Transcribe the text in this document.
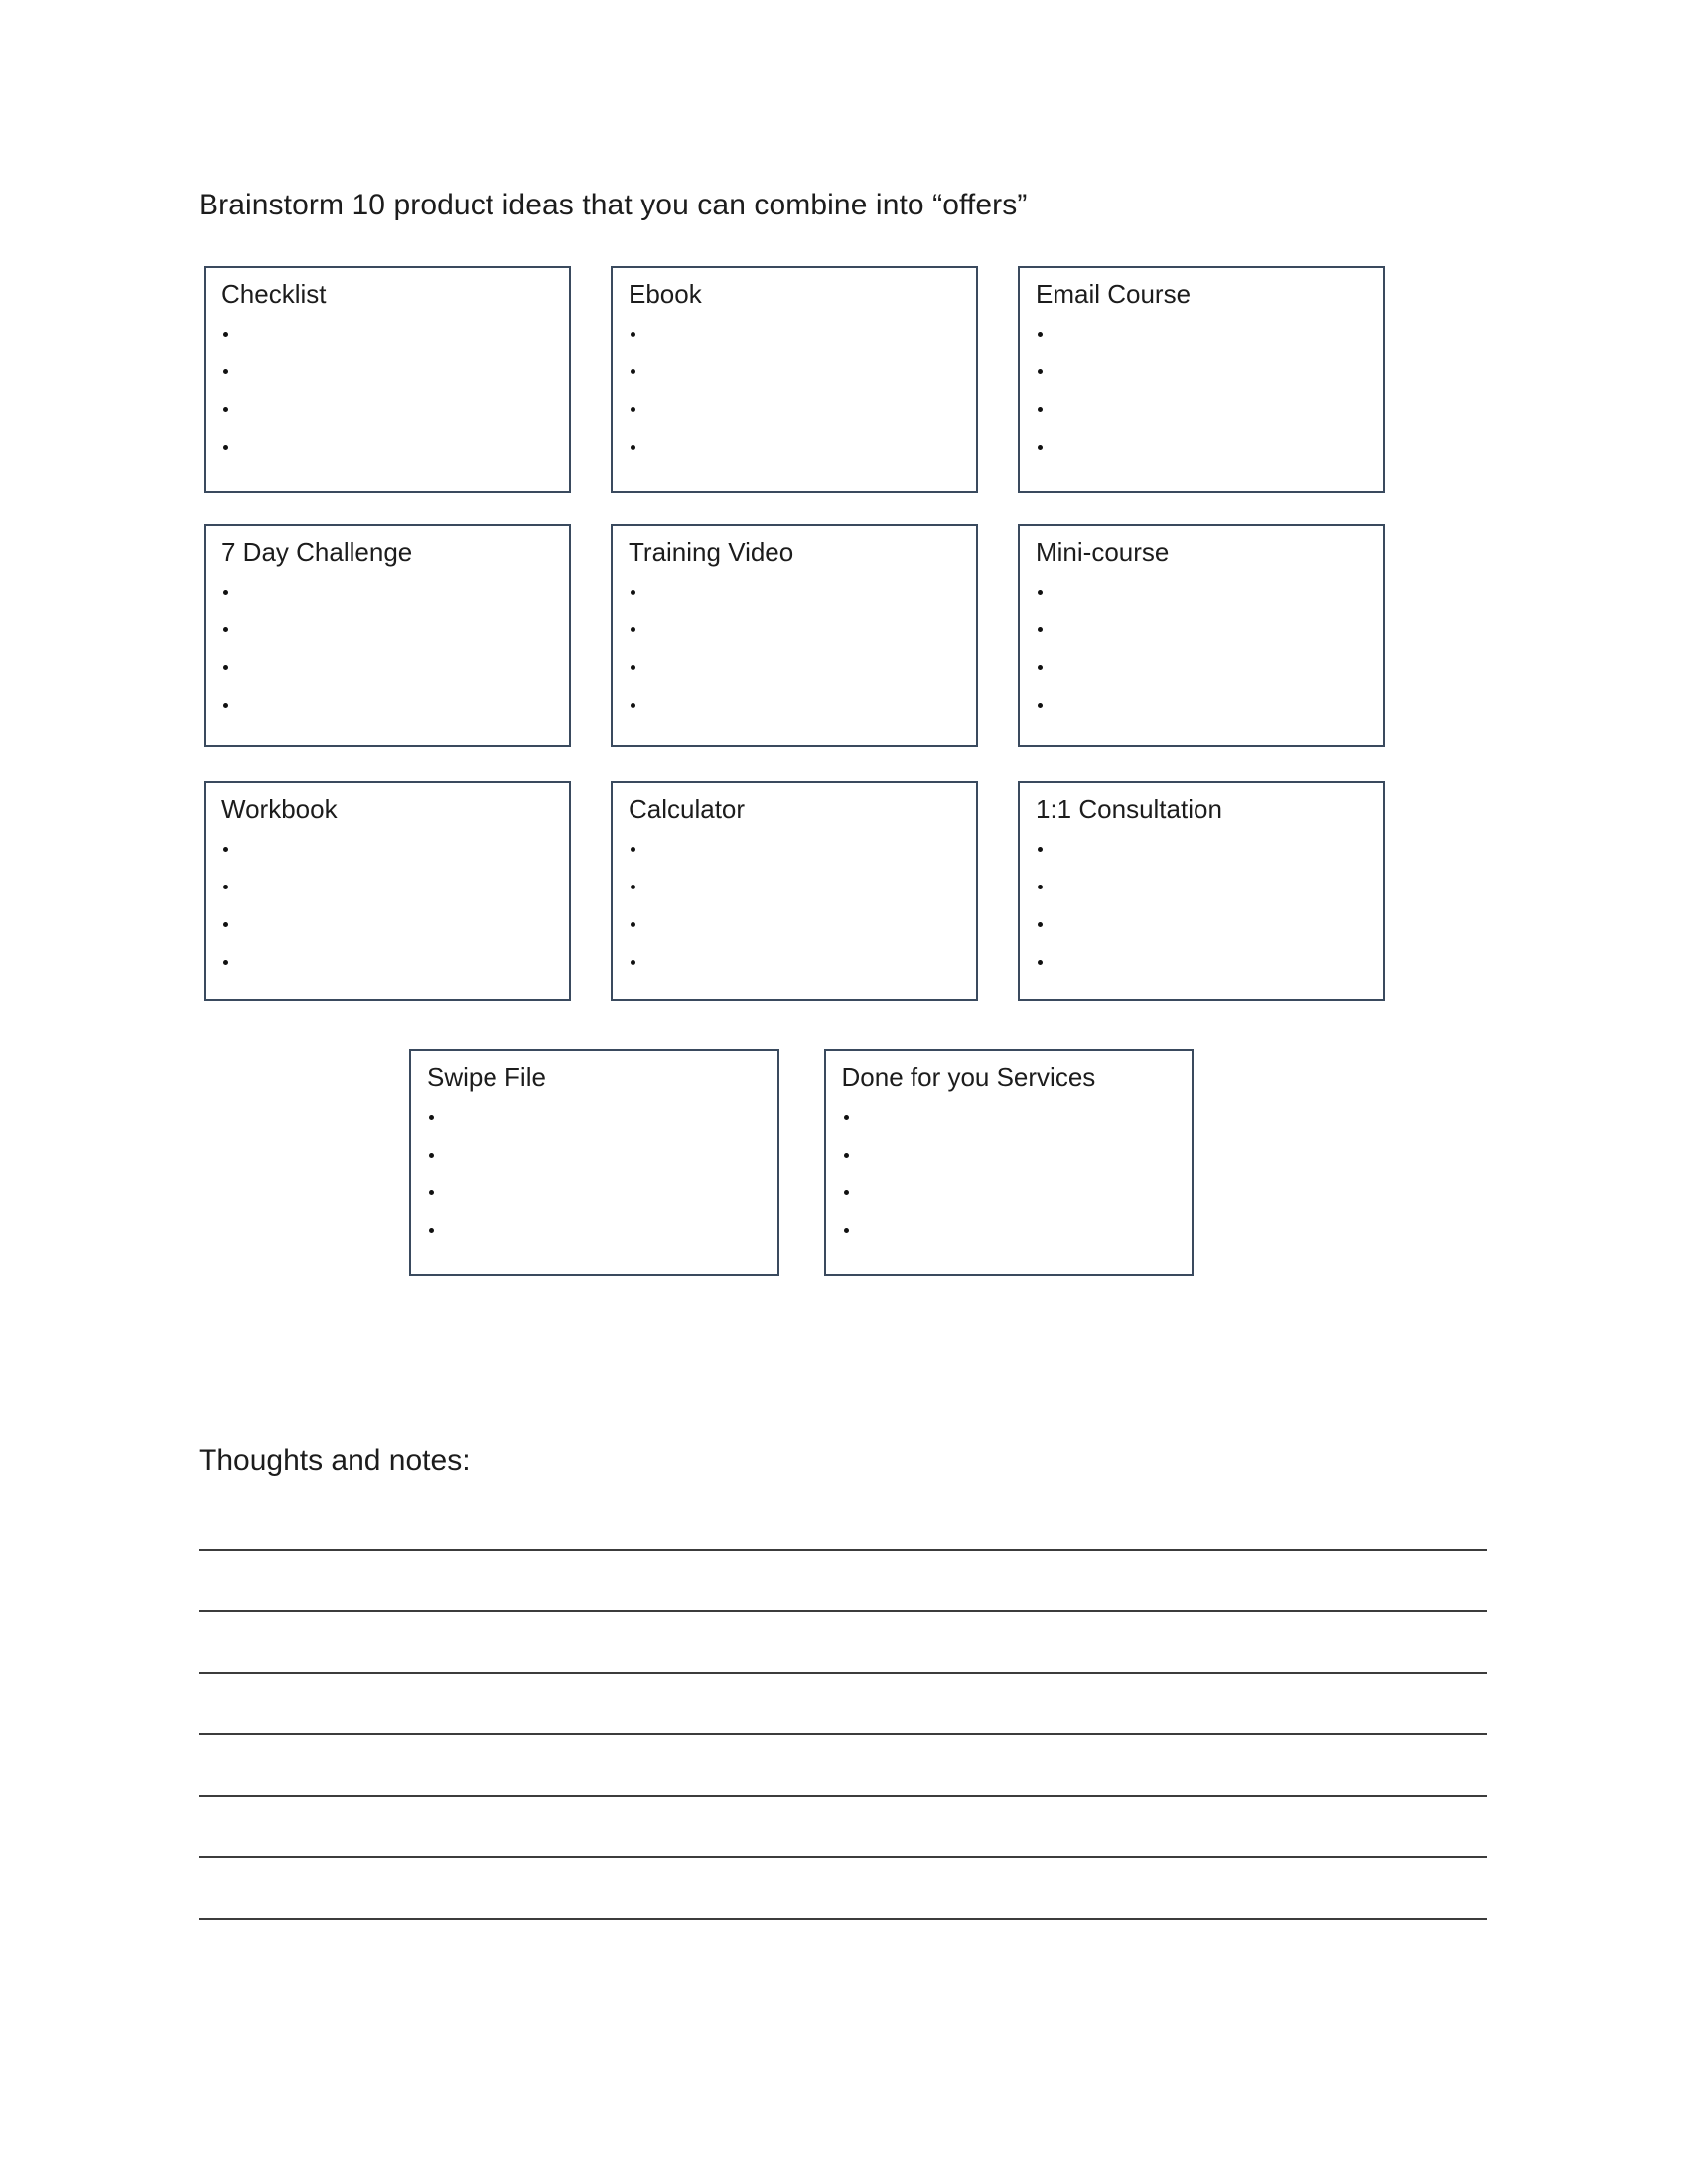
Brainstorm 10 product ideas that you can combine into “offers”
Checklist	Ebook	Email Course
7 Day Challenge	Training Video	Mini-course
Workbook	Calculator	1:1 Consultation
Swipe File	Done for you Services
Thoughts and notes:
